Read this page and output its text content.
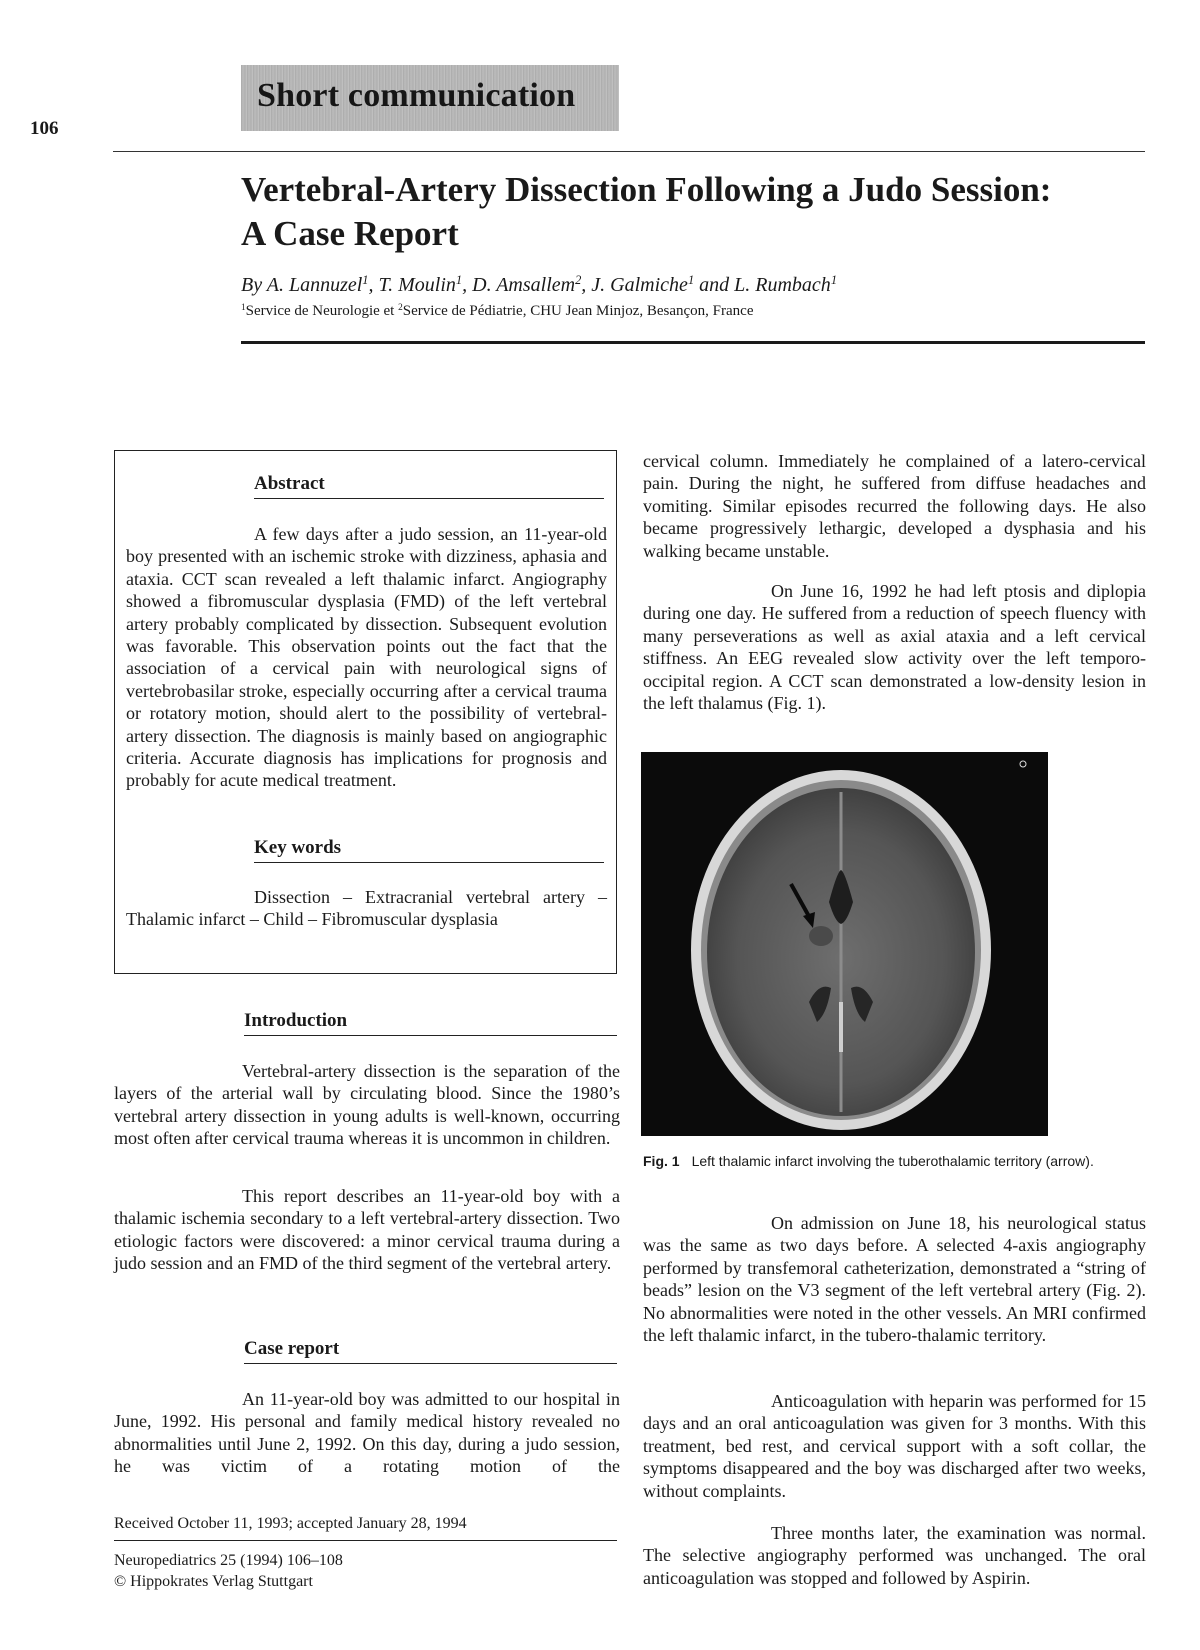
106
Short communication
Vertebral-Artery Dissection Following a Judo Session:
A Case Report
By A. Lannuzel$^1$, T. Moulin$^1$, D. Amsallem$^2$, J. Galmiche$^1$ and L. Rumbach$^1$
$^1$Service de Neurologie et $^2$Service de Pédiatrie, CHU Jean Minjoz, Besançon, France
Abstract
A few days after a judo session, an 11-year-old boy presented with an ischemic stroke with dizziness, aphasia and ataxia. CCT scan revealed a left thalamic infarct. Angiography showed a fibromuscular dysplasia (FMD) of the left vertebral artery probably complicated by dissection. Subsequent evolution was favorable. This observation points out the fact that the association of a cervical pain with neurological signs of vertebrobasilar stroke, especially occurring after a cervical trauma or rotatory motion, should alert to the possibility of vertebral-artery dissection. The diagnosis is mainly based on angiographic criteria. Accurate diagnosis has implications for prognosis and probably for acute medical treatment.
Key words
Dissection – Extracranial vertebral artery – Thalamic infarct – Child – Fibromuscular dysplasia
Introduction
Vertebral-artery dissection is the separation of the layers of the arterial wall by circulating blood. Since the 1980’s vertebral artery dissection in young adults is well-known, occurring most often after cervical trauma whereas it is uncommon in children.
This report describes an 11-year-old boy with a thalamic ischemia secondary to a left vertebral-artery dissection. Two etiologic factors were discovered: a minor cervical trauma during a judo session and an FMD of the third segment of the vertebral artery.
Case report
An 11-year-old boy was admitted to our hospital in June, 1992. His personal and family medical history revealed no abnormalities until June 2, 1992. On this day, during a judo session, he was victim of a rotating motion of the
cervical column. Immediately he complained of a latero-cervical pain. During the night, he suffered from diffuse headaches and vomiting. Similar episodes recurred the following days. He also became progressively lethargic, developed a dysphasia and his walking became unstable.
On June 16, 1992 he had left ptosis and diplopia during one day. He suffered from a reduction of speech fluency with many perseverations as well as axial ataxia and a left cervical stiffness. An EEG revealed slow activity over the left temporo-occipital region. A CCT scan demonstrated a low-density lesion in the left thalamus (Fig. 1).
Fig. 1 Left thalamic infarct involving the tuberothalamic territory (arrow).
On admission on June 18, his neurological status was the same as two days before. A selected 4-axis angiography performed by transfemoral catheterization, demonstrated a “string of beads” lesion on the V3 segment of the left vertebral artery (Fig. 2). No abnormalities were noted in the other vessels. An MRI confirmed the left thalamic infarct, in the tubero-thalamic territory.
Anticoagulation with heparin was performed for 15 days and an oral anticoagulation was given for 3 months. With this treatment, bed rest, and cervical support with a soft collar, the symptoms disappeared and the boy was discharged after two weeks, without complaints.
Three months later, the examination was normal. The selective angiography performed was unchanged. The oral anticoagulation was stopped and followed by Aspirin.
Received October 11, 1993; accepted January 28, 1994
Neuropediatrics 25 (1994) 106–108
© Hippokrates Verlag Stuttgart
